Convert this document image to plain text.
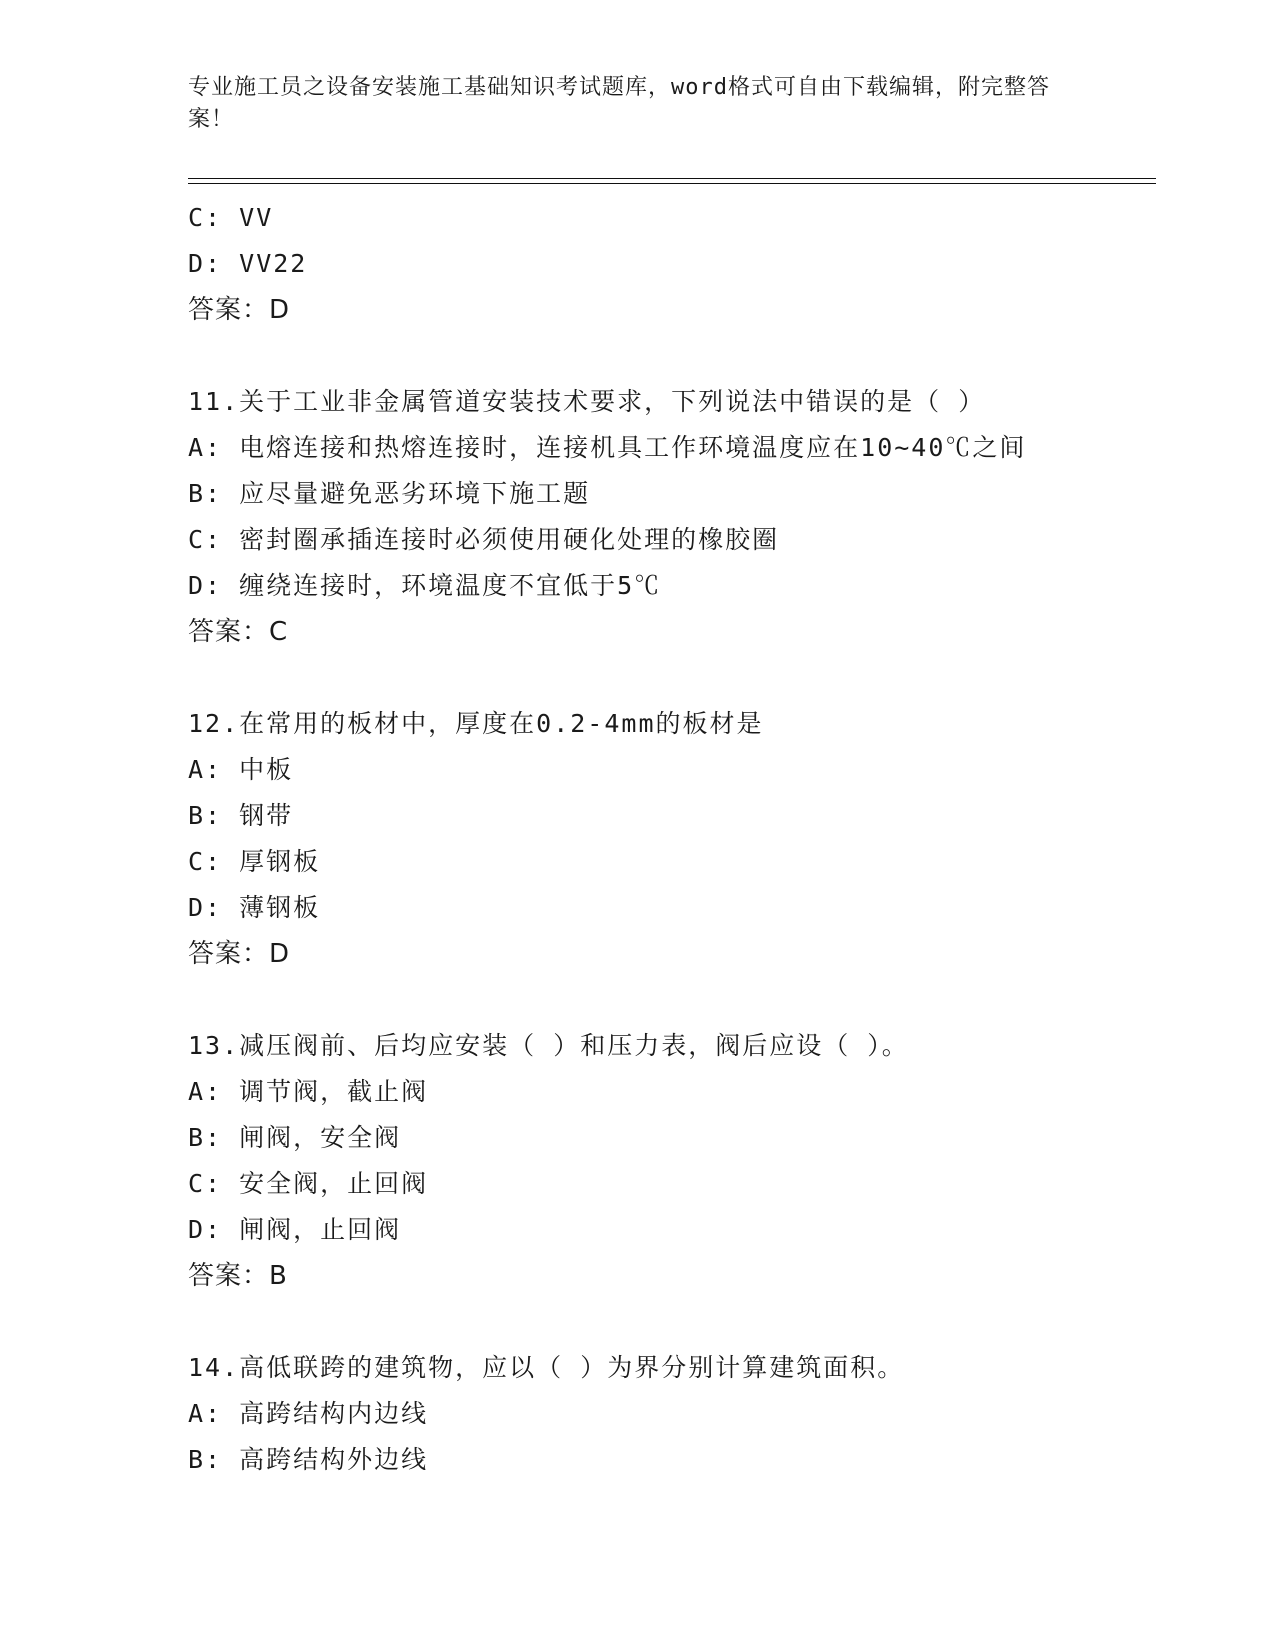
专业施工员之设备安装施工基础知识考试题库，word格式可自由下载编辑，附完整答案！
C: VV
D: VV22
答案：D
11.关于工业非金属管道安装技术要求，下列说法中错误的是（ ）
A: 电熔连接和热熔连接时，连接机具工作环境温度应在10~40℃之间
B: 应尽量避免恶劣环境下施工题
C: 密封圈承插连接时必须使用硬化处理的橡胶圈
D: 缠绕连接时，环境温度不宜低于5℃
答案：C
12.在常用的板材中，厚度在0.2-4mm的板材是
A: 中板
B: 钢带
C: 厚钢板
D: 薄钢板
答案：D
13.减压阀前、后均应安装（ ）和压力表，阀后应设（ ）。
A: 调节阀，截止阀
B: 闸阀，安全阀
C: 安全阀，止回阀
D: 闸阀，止回阀
答案：B
14.高低联跨的建筑物，应以（ ）为界分别计算建筑面积。
A: 高跨结构内边线
B: 高跨结构外边线
